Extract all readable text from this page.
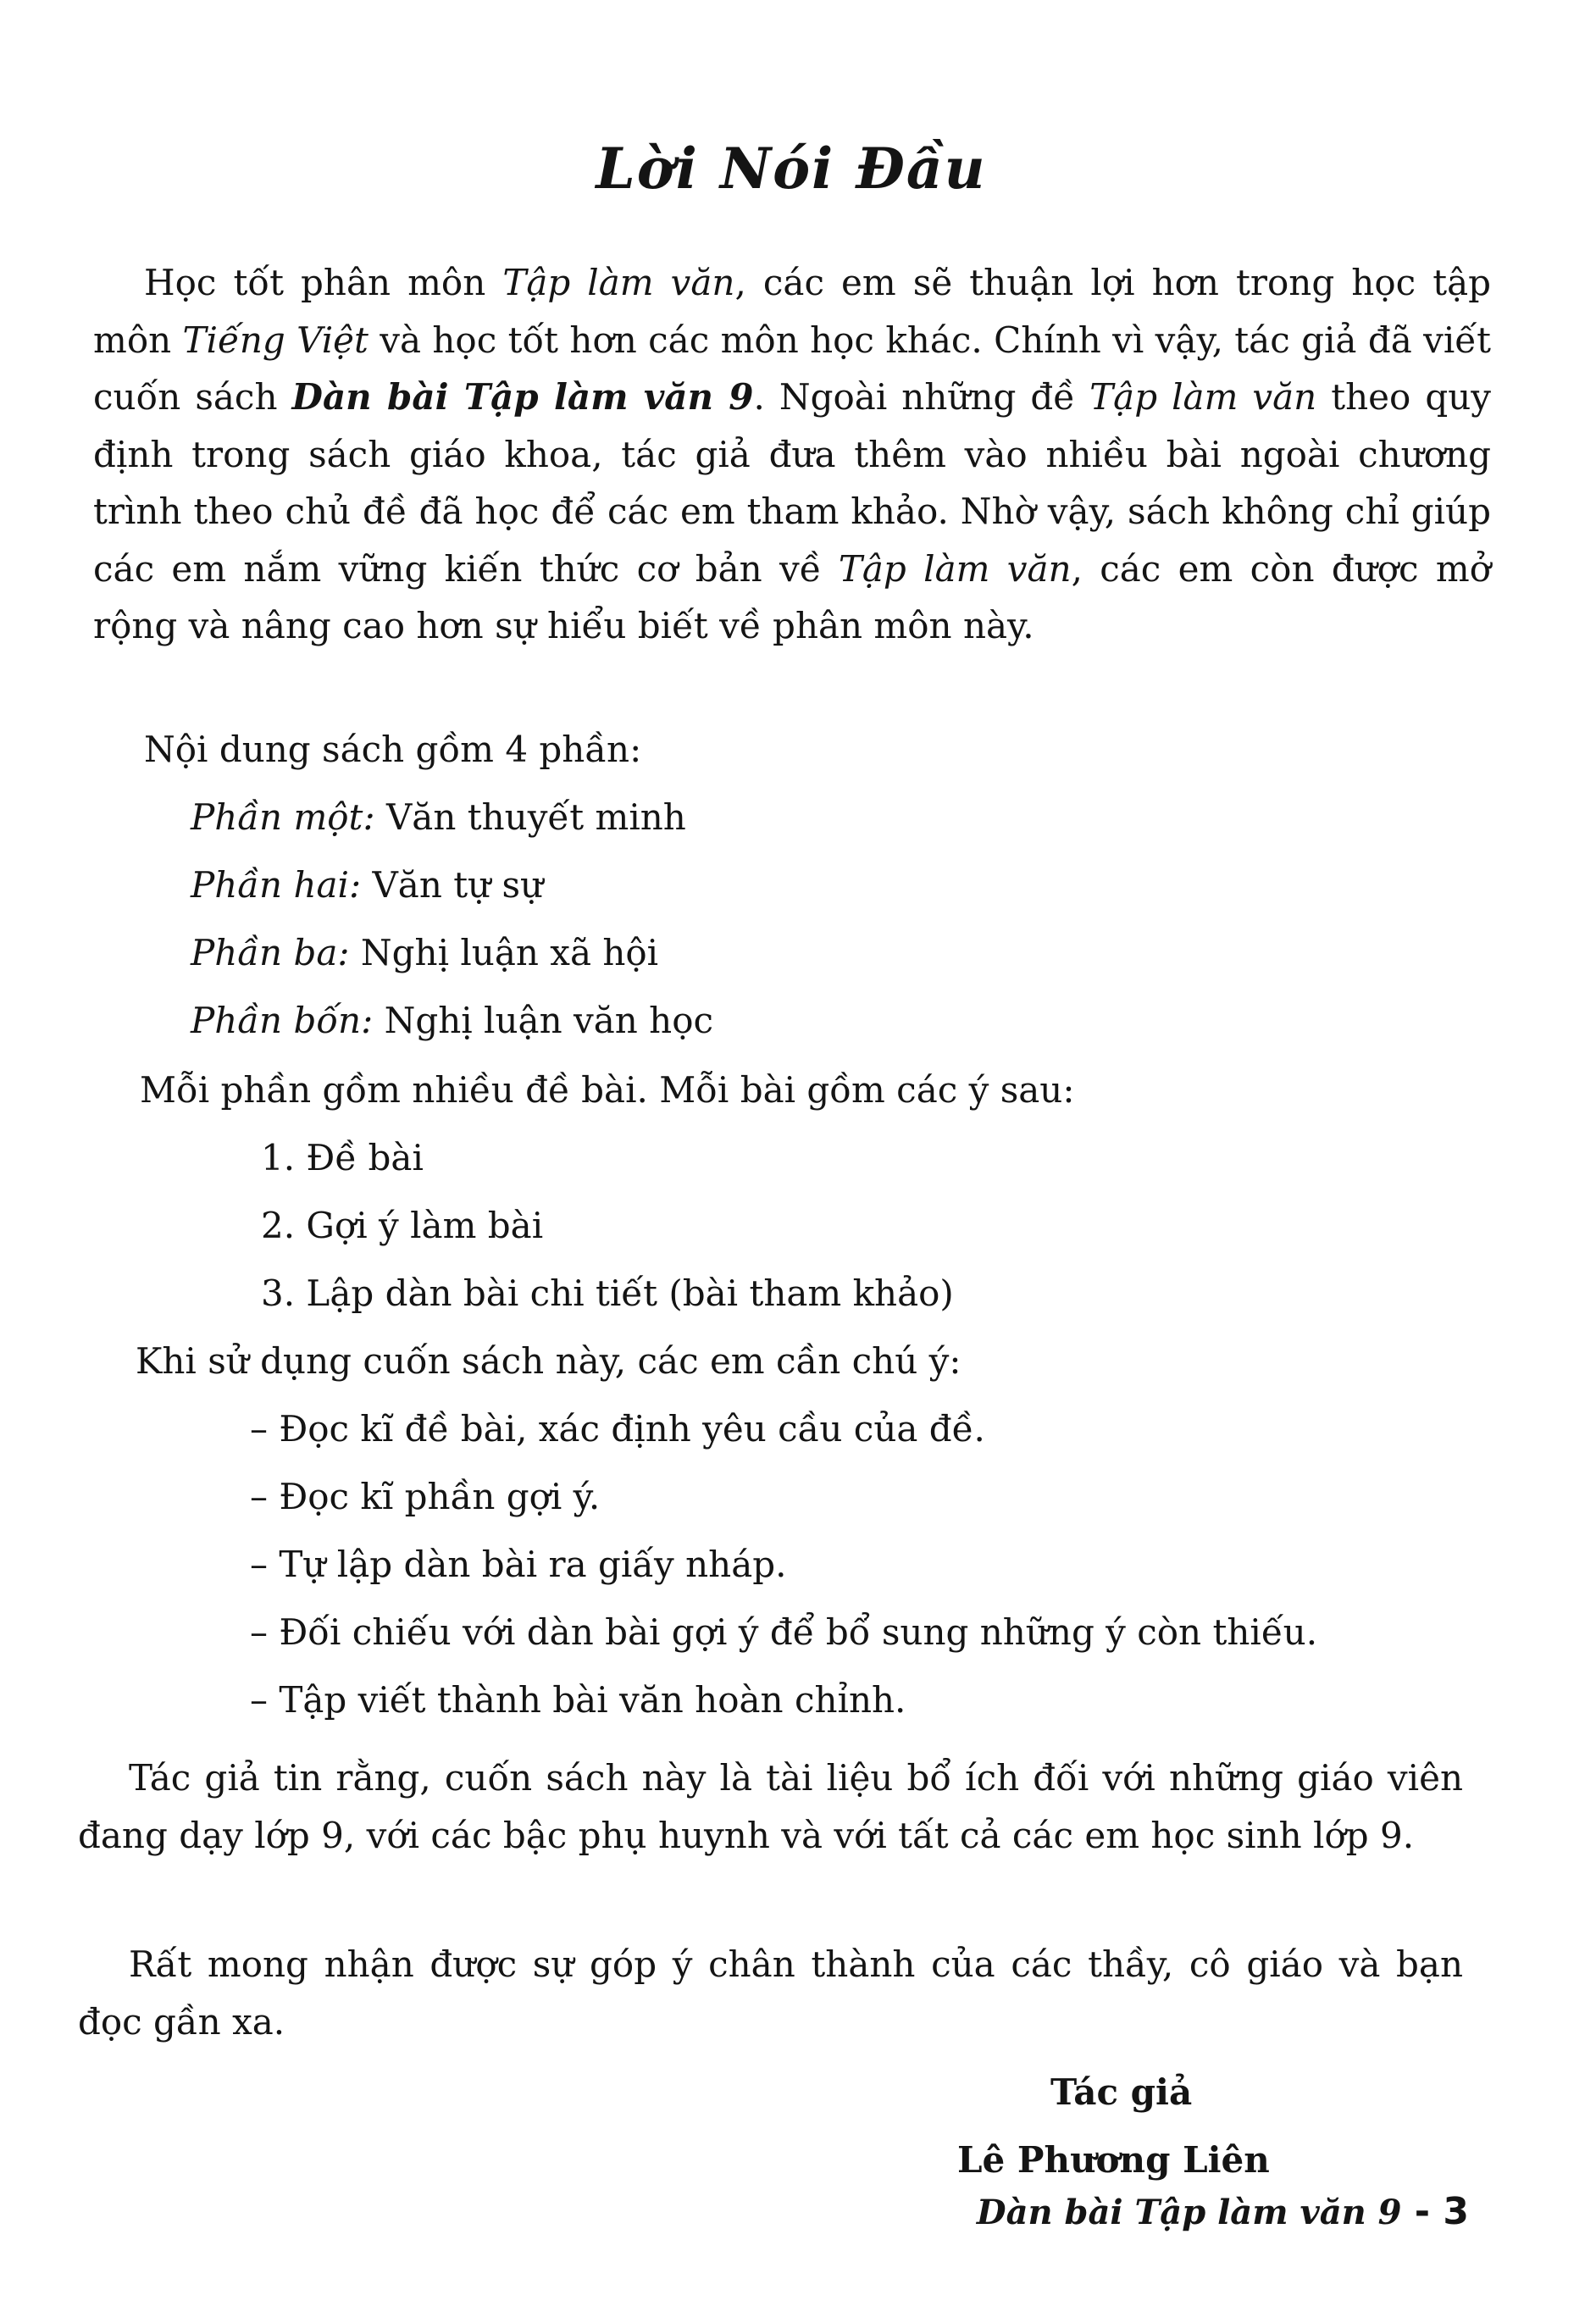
Lời Nói Đầu

Học tốt phân môn Tập làm văn, các em sẽ thuận lợi hơn trong học tập môn Tiếng Việt và học tốt hơn các môn học khác. Chính vì vậy, tác giả đã viết cuốn sách Dàn bài Tập làm văn 9. Ngoài những đề Tập làm văn theo quy định trong sách giáo khoa, tác giả đưa thêm vào nhiều bài ngoài chương trình theo chủ đề đã học để các em tham khảo. Nhờ vậy, sách không chỉ giúp các em nắm vững kiến thức cơ bản về Tập làm văn, các em còn được mở rộng và nâng cao hơn sự hiểu biết về phân môn này.

Nội dung sách gồm 4 phần:

Phần một: Văn thuyết minh

Phần hai: Văn tự sự

Phần ba: Nghị luận xã hội

Phần bốn: Nghị luận văn học

Mỗi phần gồm nhiều đề bài. Mỗi bài gồm các ý sau:

1. Đề bài

2. Gợi ý làm bài

3. Lập dàn bài chi tiết (bài tham khảo)

Khi sử dụng cuốn sách này, các em cần chú ý:

– Đọc kĩ đề bài, xác định yêu cầu của đề.

– Đọc kĩ phần gợi ý.

– Tự lập dàn bài ra giấy nháp.

– Đối chiếu với dàn bài gợi ý để bổ sung những ý còn thiếu.

– Tập viết thành bài văn hoàn chỉnh.

Tác giả tin rằng, cuốn sách này là tài liệu bổ ích đối với những giáo viên đang dạy lớp 9, với các bậc phụ huynh và với tất cả các em học sinh lớp 9.

Rất mong nhận được sự góp ý chân thành của các thầy, cô giáo và bạn đọc gần xa.

Tác giả

Lê Phương Liên

Dàn bài Tập làm văn 9 - 3
